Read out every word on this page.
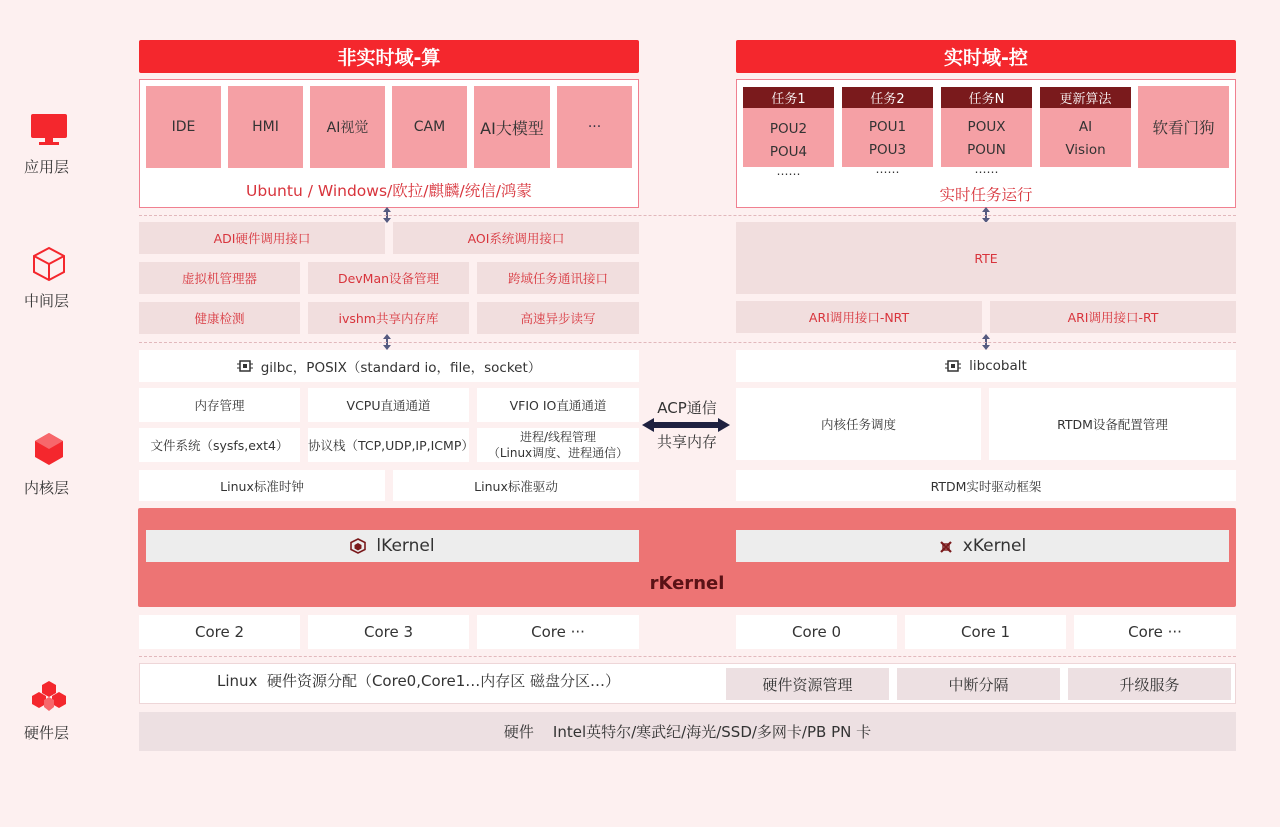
应用层
中间层
内核层
硬件层
非实时域-算	实时域-控
IDE	HMI	AI视觉	CAM	AI大模型	···
Ubuntu / Windows/欧拉/麒麟/统信/鸿蒙
任务1
POU2
POU4
……
任务2
POU1
POU3
……
任务N
POUX
POUN
……
更新算法
AI
Vision
软看门狗
实时任务运行
ADI硬件调用接口	AOI系统调用接口
虚拟机管理器	DevMan设备管理	跨域任务通讯接口
健康检测	ivshm共享内存库	高速异步读写
RTE
ARI调用接口-NRT	ARI调用接口-RT
gilbc，POSIX（standard io，file，socket）	libcobalt
内存管理	VCPU直通通道	VFIO IO直通通道
文件系统（sysfs,ext4）	协议栈（TCP,UDP,IP,ICMP）
进程/线程管理
（Linux调度、进程通信）
Linux标准时钟	Linux标准驱动
内核任务调度	RTDM设备配置管理
RTDM实时驱动框架
ACP通信
共享内存
lKernel	xKernel
rKernel
Core 2	Core 3	Core ···	Core 0	Core 1	Core ···
Linux  硬件资源分配（Core0,Core1…内存区 磁盘分区…）	硬件资源管理	中断分隔	升级服务
硬件    Intel英特尔/寒武纪/海光/SSD/多网卡/PB PN 卡
